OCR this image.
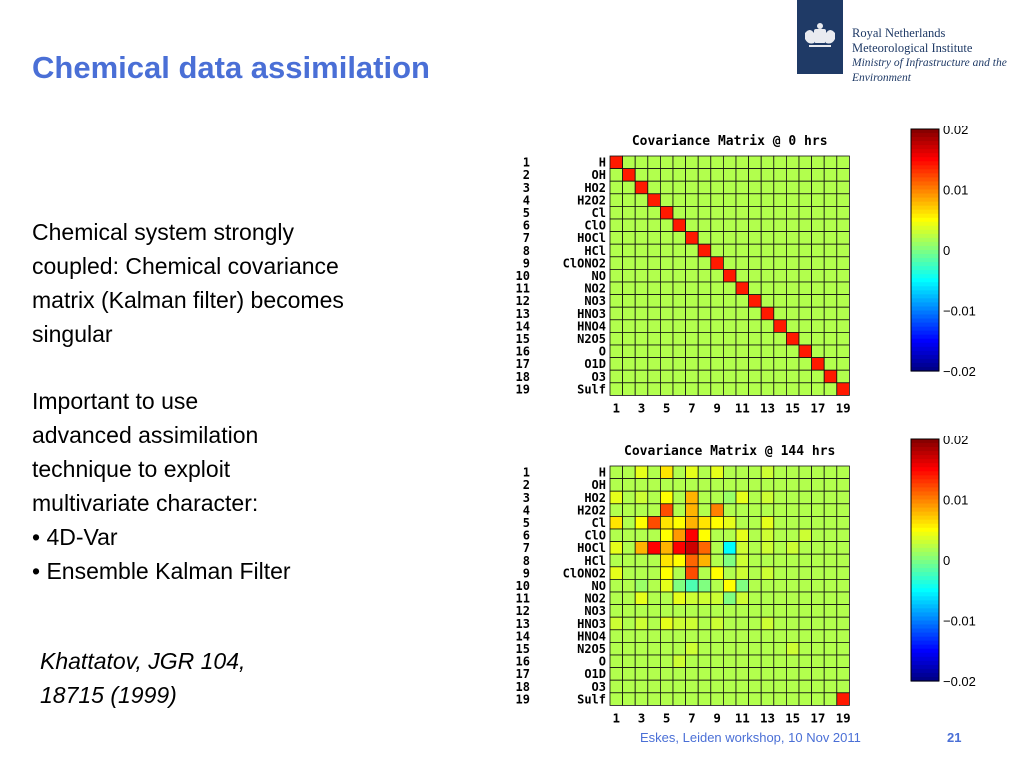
Chemical data assimilation
Royal Netherlands
Meteorological Institute
Ministry of Infrastructure and the
Environment
Chemical system strongly
coupled: Chemical covariance
matrix (Kalman filter) becomes
singular
Important to use
advanced assimilation
technique to exploit
multivariate character:
• 4D-Var
• Ensemble Kalman Filter
Khattatov, JGR 104,
18715 (1999)
Covariance Matrix @ 0 hrs
1	H
2	OH
3	HO2
4	H2O2
5	Cl
6	ClO
7	HOCl
8	HCl
9	ClONO2
10	NO
11	NO2
12	NO3
13	HNO3
14	HNO4
15	N2O5
16	O
17	O1D
18	O3
19	Sulf
1 3 5 7 9 11 13 15 17 19
0.02
0.01
0
−0.01
−0.02
Covariance Matrix @ 144 hrs
1	H
2	OH
3	HO2
4	H2O2
5	Cl
6	ClO
7	HOCl
8	HCl
9	ClONO2
10	NO
11	NO2
12	NO3
13	HNO3
14	HNO4
15	N2O5
16	O
17	O1D
18	O3
19	Sulf
1 3 5 7 9 11 13 15 17 19
0.02
0.01
0
−0.01
−0.02
Eskes, Leiden workshop, 10 Nov 2011	21
